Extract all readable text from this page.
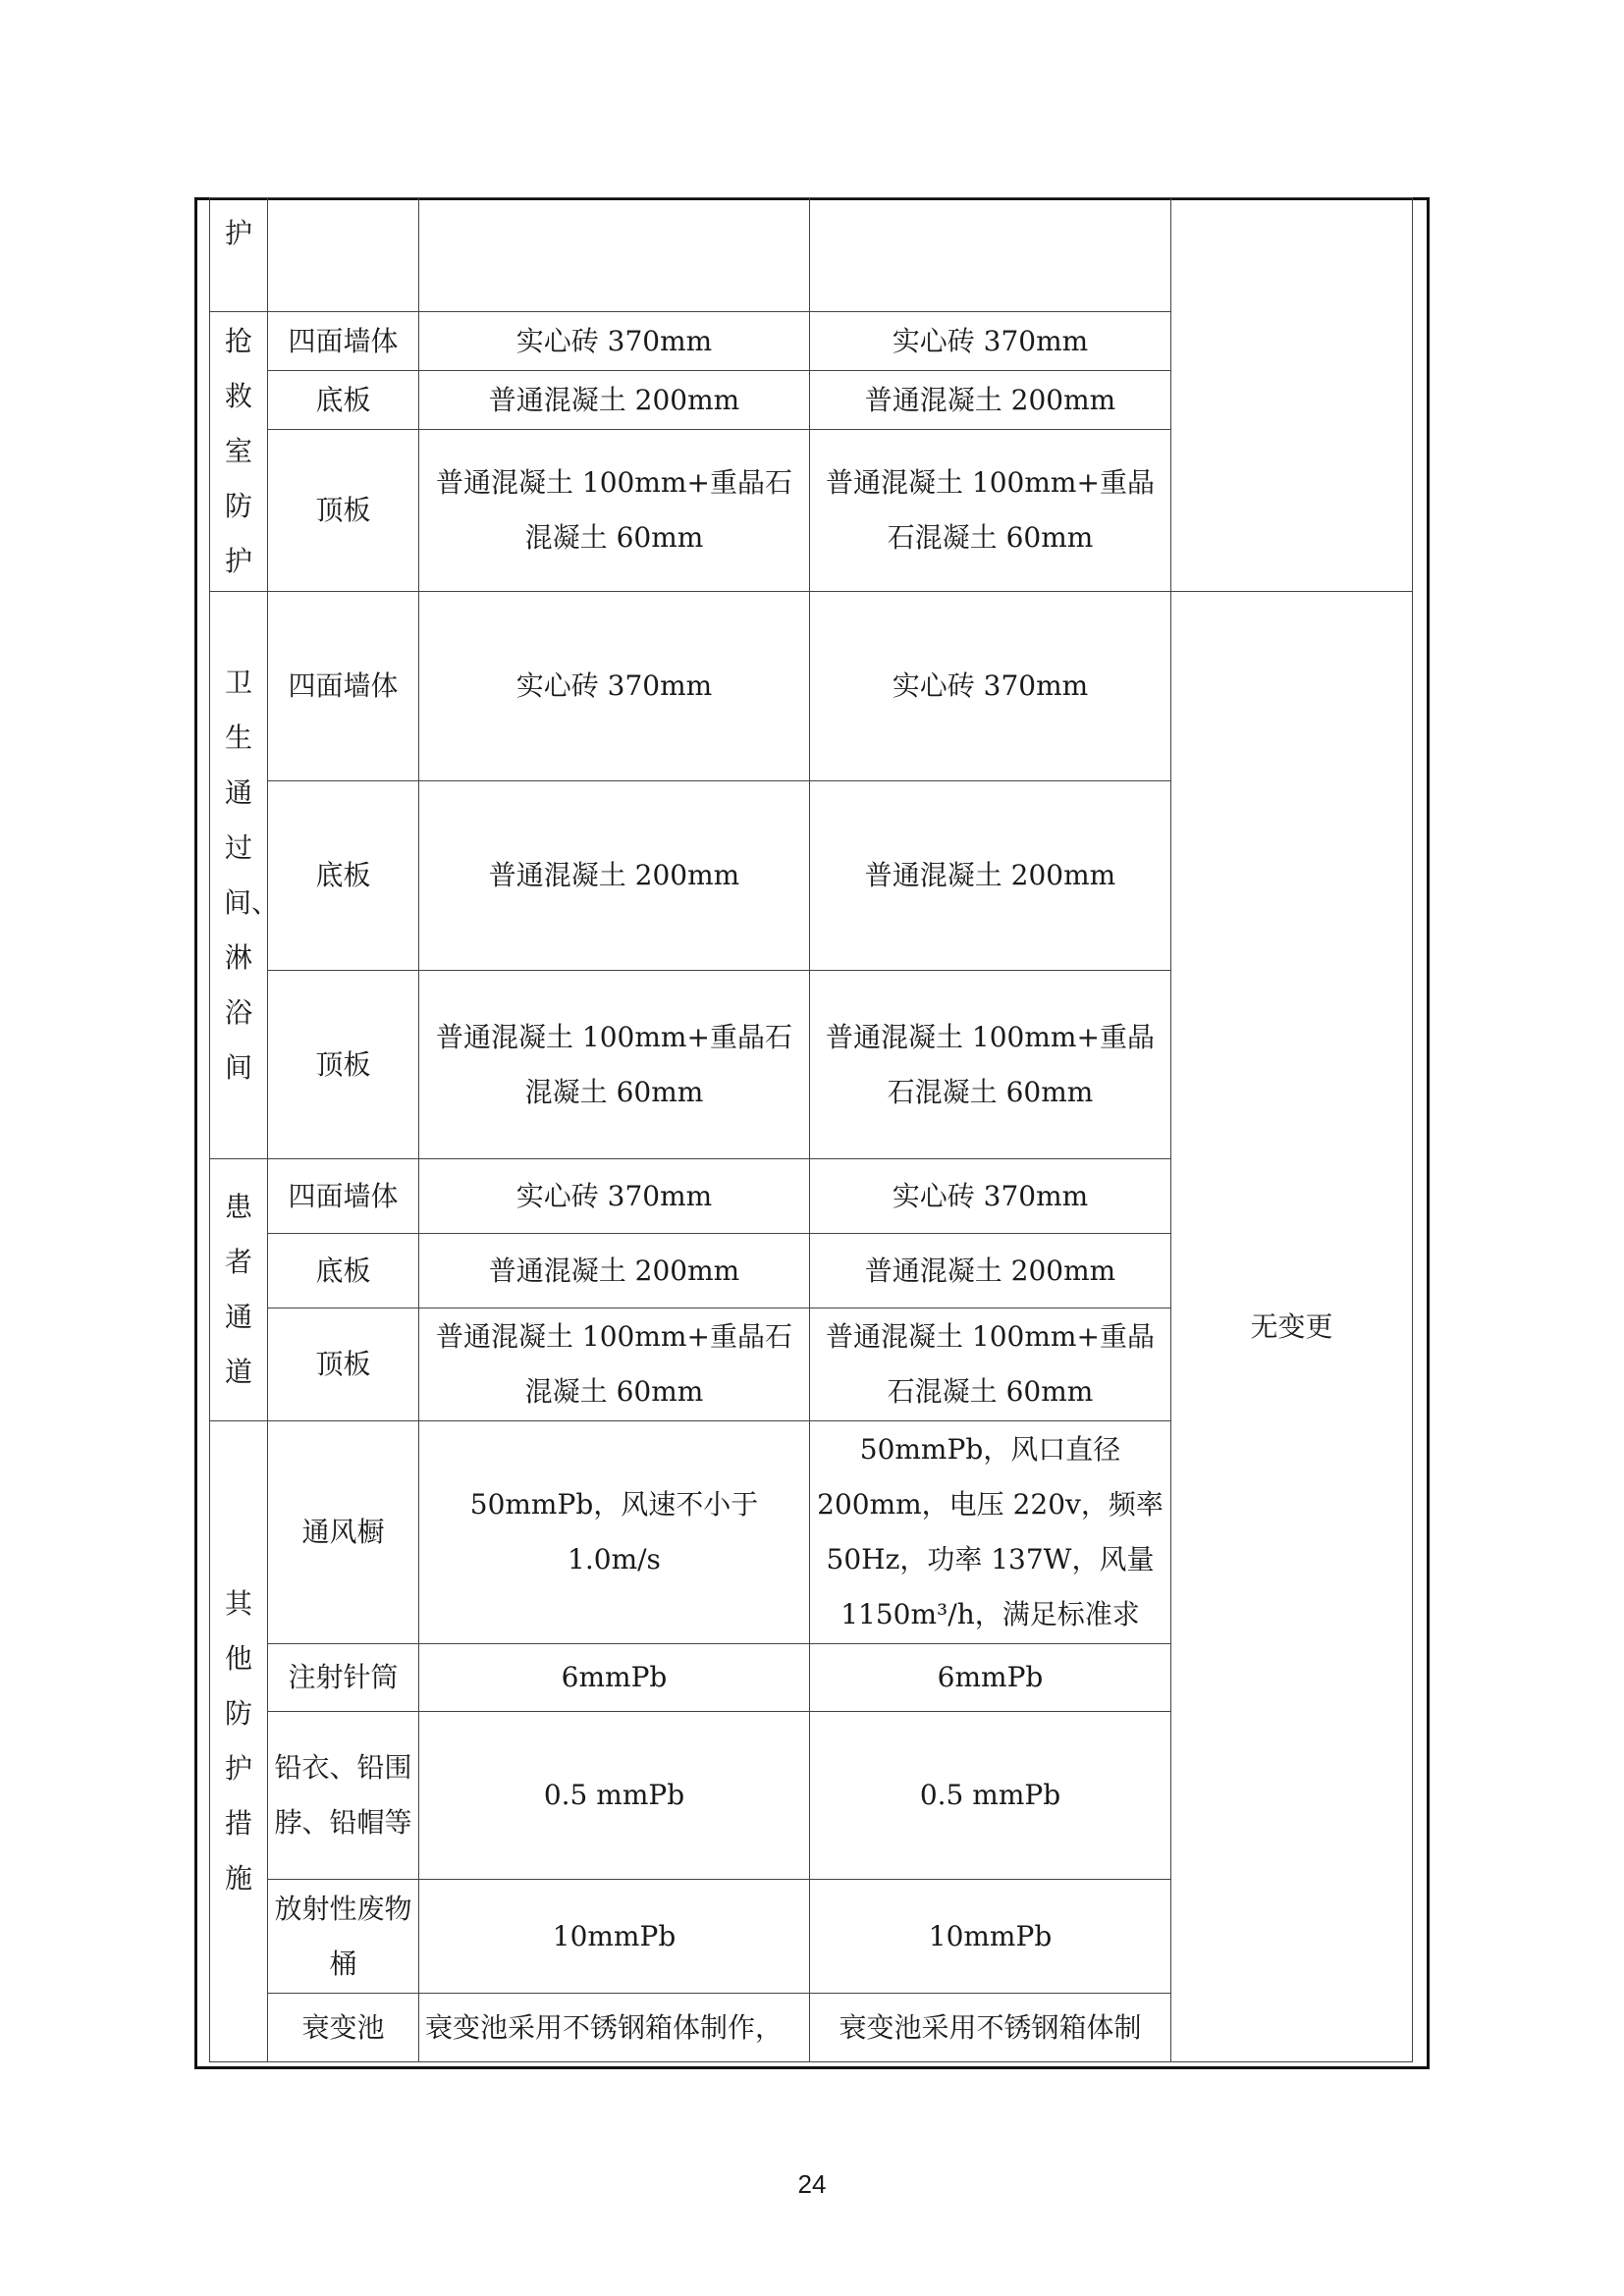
护					
抢救室防护	四面墙体	实心砖 370mm	实心砖 370mm		
	底板	普通混凝土 200mm	普通混凝土 200mm		
	顶板	普通混凝土 100mm+重晶石混凝土 60mm	普通混凝土 100mm+重晶石混凝土 60mm		
卫生通过间、淋浴间	四面墙体	实心砖 370mm	实心砖 370mm	无变更	
	底板	普通混凝土 200mm	普通混凝土 200mm		
	顶板	普通混凝土 100mm+重晶石混凝土 60mm	普通混凝土 100mm+重晶石混凝土 60mm		
患者通道	四面墙体	实心砖 370mm	实心砖 370mm		
	底板	普通混凝土 200mm	普通混凝土 200mm		
	顶板	普通混凝土 100mm+重晶石混凝土 60mm	普通混凝土 100mm+重晶石混凝土 60mm		
其他防护措施	通风橱	50mmPb，风速不小于 1.0m/s	50mmPb，风口直径200mm，电压 220v，频率50Hz，功率 137W，风量1150m³/h，满足标准求		
	注射针筒	6mmPb	6mmPb		
	铅衣、铅围脖、铅帽等	0.5 mmPb	0.5 mmPb		
	放射性废物桶	10mmPb	10mmPb		
	衰变池	衰变池采用不锈钢箱体制作，	衰变池采用不锈钢箱体制		
24
